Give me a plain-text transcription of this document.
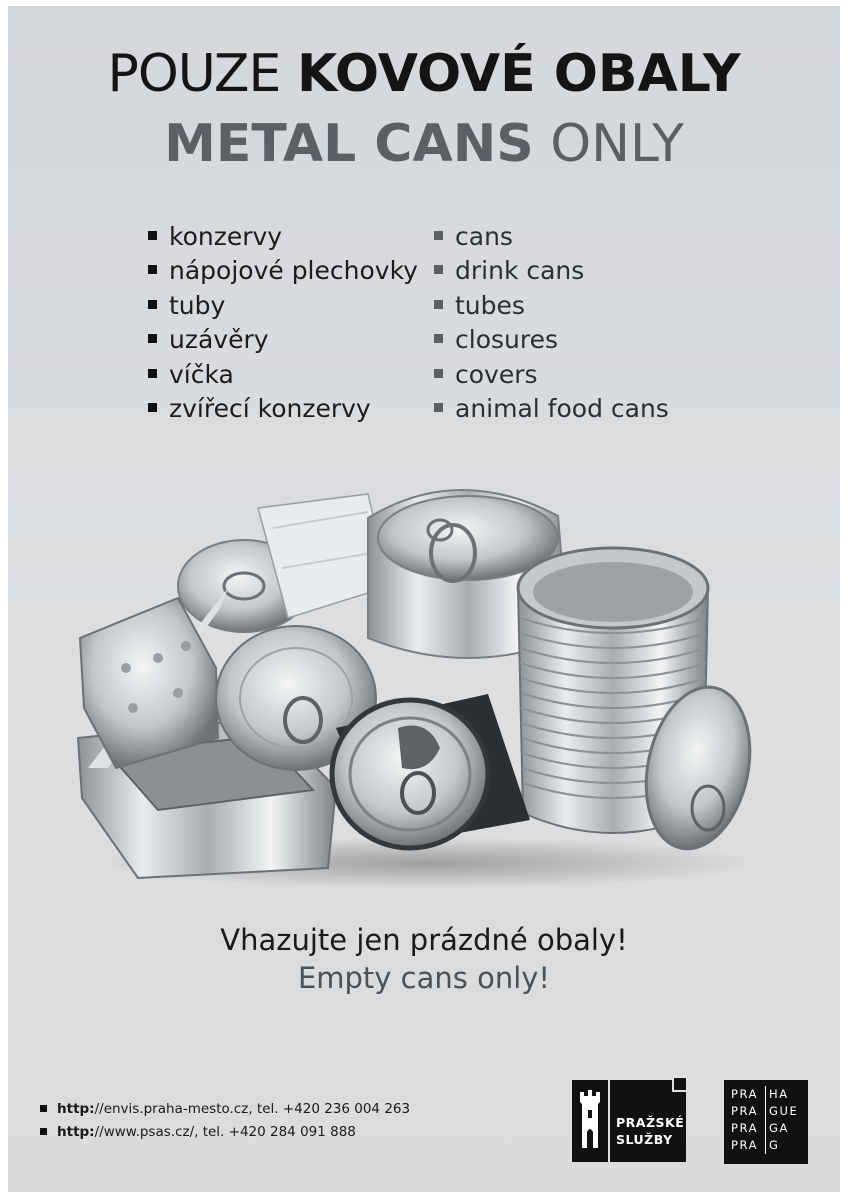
POUZE KOVOVÉ OBALY
METAL CANS ONLY
konzervy
nápojové plechovky
tuby
uzávěry
víčka
zvířecí konzervy
cans
drink cans
tubes
closures
covers
animal food cans
Vhazujte jen prázdné obaly!
Empty cans only!
http://envis.praha-mesto.cz, tel. +420 236 004 263
http://www.psas.cz/, tel. +420 284 091 888
PRAŽSKÉ
SLUŽBY
PRA HA
PRA GUE
PRA GA
PRA G
